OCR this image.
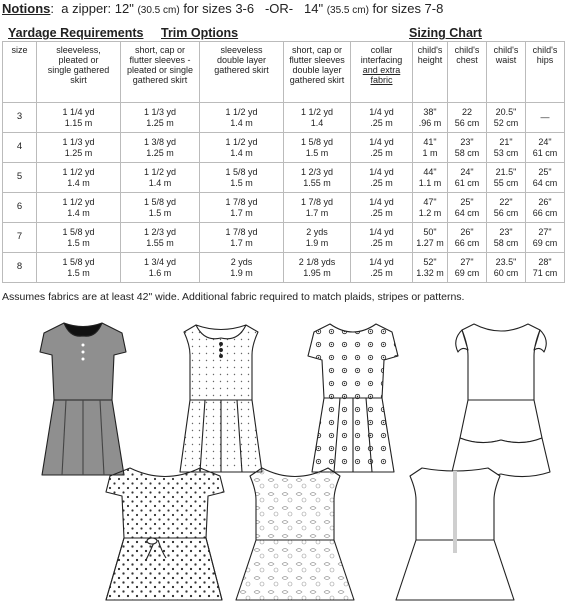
Notions: a zipper: 12" (30.5 cm) for sizes 3-6 -OR- 14" (35.5 cm) for sizes 7-8
Yardage Requirements Trim Options	Sizing Chart
size	sleeveless,
pleated or
single gathered
skirt	short, cap or
flutter sleeves -
pleated or single
gathered skirt	sleeveless
double layer
gathered skirt	short, cap or
flutter sleeves
double layer
gathered skirt	collar
interfacing
and extra
fabric	child's
height	child's
chest	child's
waist	child's
hips
3	1 1/4 yd
1.15 m	1 1/3 yd
1.25 m	1 1/2 yd
1.4 m	1 1/2 yd
1.4	1/4 yd
.25 m	38"
.96 m	22
56 cm	20.5"
52 cm	—
4	1 1/3 yd
1.25 m	1 3/8 yd
1.25 m	1 1/2 yd
1.4 m	1 5/8 yd
1.5 m	1/4 yd
.25 m	41"
1 m	23"
58 cm	21"
53 cm	24"
61 cm
5	1 1/2 yd
1.4 m	1 1/2 yd
1.4 m	1 5/8 yd
1.5 m	1 2/3 yd
1.55 m	1/4 yd
.25 m	44"
1.1 m	24"
61 cm	21.5"
55 cm	25"
64 cm
6	1 1/2 yd
1.4 m	1 5/8 yd
1.5 m	1 7/8 yd
1.7 m	1 7/8 yd
1.7 m	1/4 yd
.25 m	47"
1.2 m	25"
64 cm	22"
56 cm	26"
66 cm
7	1 5/8 yd
1.5 m	1 2/3 yd
1.55 m	1 7/8 yd
1.7 m	2 yds
1.9 m	1/4 yd
.25 m	50"
1.27 m	26"
66 cm	23"
58 cm	27"
69 cm
8	1 5/8 yd
1.5 m	1 3/4 yd
1.6 m	2 yds
1.9 m	2 1/8 yds
1.95 m	1/4 yd
.25 m	52"
1.32 m	27"
69 cm	23.5"
60 cm	28"
71 cm
Assumes fabrics are at least 42" wide. Additional fabric required to match plaids, stripes or patterns.
